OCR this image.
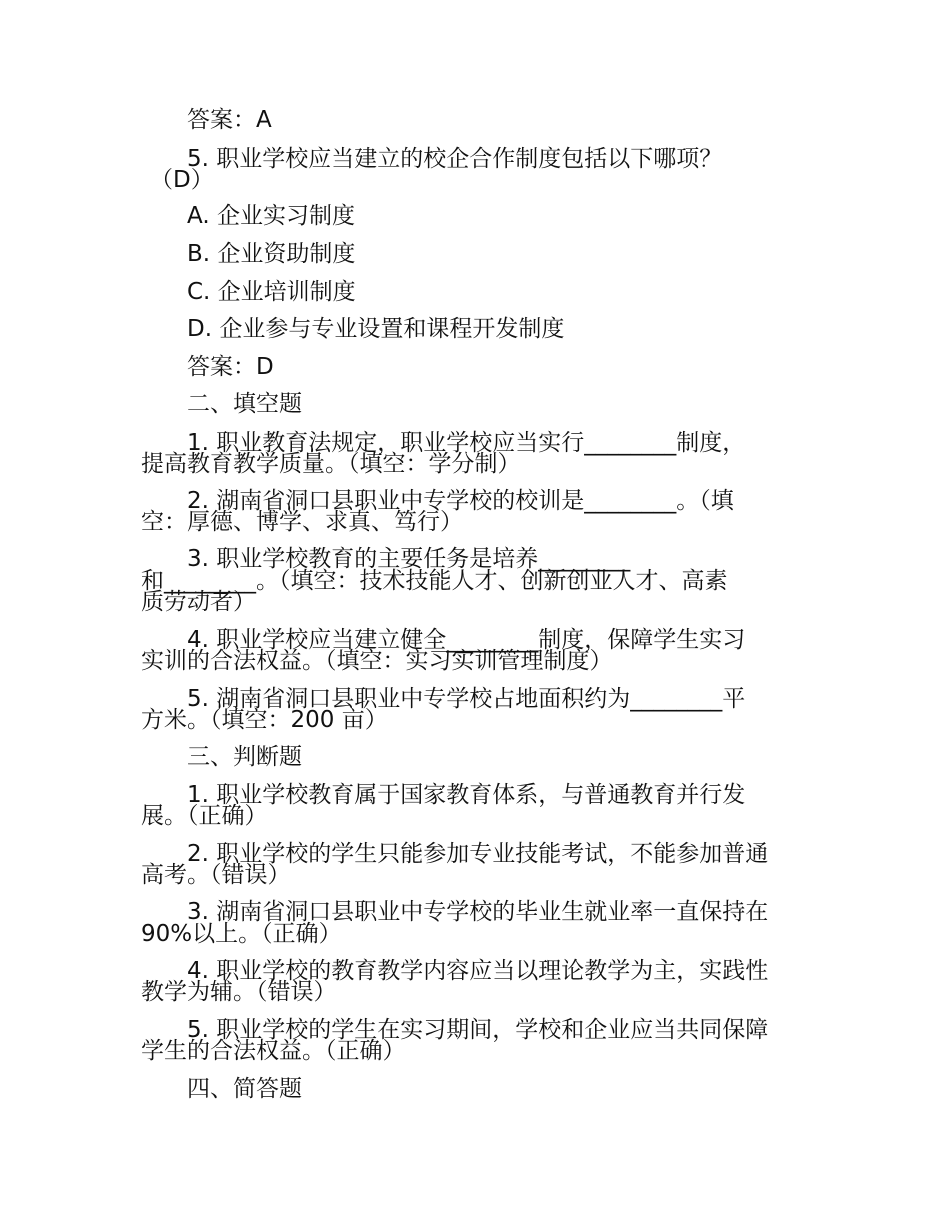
答案：A
5. 职业学校应当建立的校企合作制度包括以下哪项？
（D）
A. 企业实习制度
B. 企业资助制度
C. 企业培训制度
D. 企业参与专业设置和课程开发制度
答案：D
二、填空题
1. 职业教育法规定，职业学校应当实行________制度，
提高教育教学质量。（填空：学分制）
2. 湖南省洞口县职业中专学校的校训是________。（填
空：厚德、博学、求真、笃行）
3. 职业学校教育的主要任务是培养________
和________。（填空：技术技能人才、创新创业人才、高素
质劳动者）
4. 职业学校应当建立健全________制度，保障学生实习
实训的合法权益。（填空：实习实训管理制度）
5. 湖南省洞口县职业中专学校占地面积约为________平
方米。（填空：200 亩）
三、判断题
1. 职业学校教育属于国家教育体系，与普通教育并行发
展。（正确）
2. 职业学校的学生只能参加专业技能考试，不能参加普通
高考。（错误）
3. 湖南省洞口县职业中专学校的毕业生就业率一直保持在
90%以上。（正确）
4. 职业学校的教育教学内容应当以理论教学为主，实践性
教学为辅。（错误）
5. 职业学校的学生在实习期间，学校和企业应当共同保障
学生的合法权益。（正确）
四、简答题
